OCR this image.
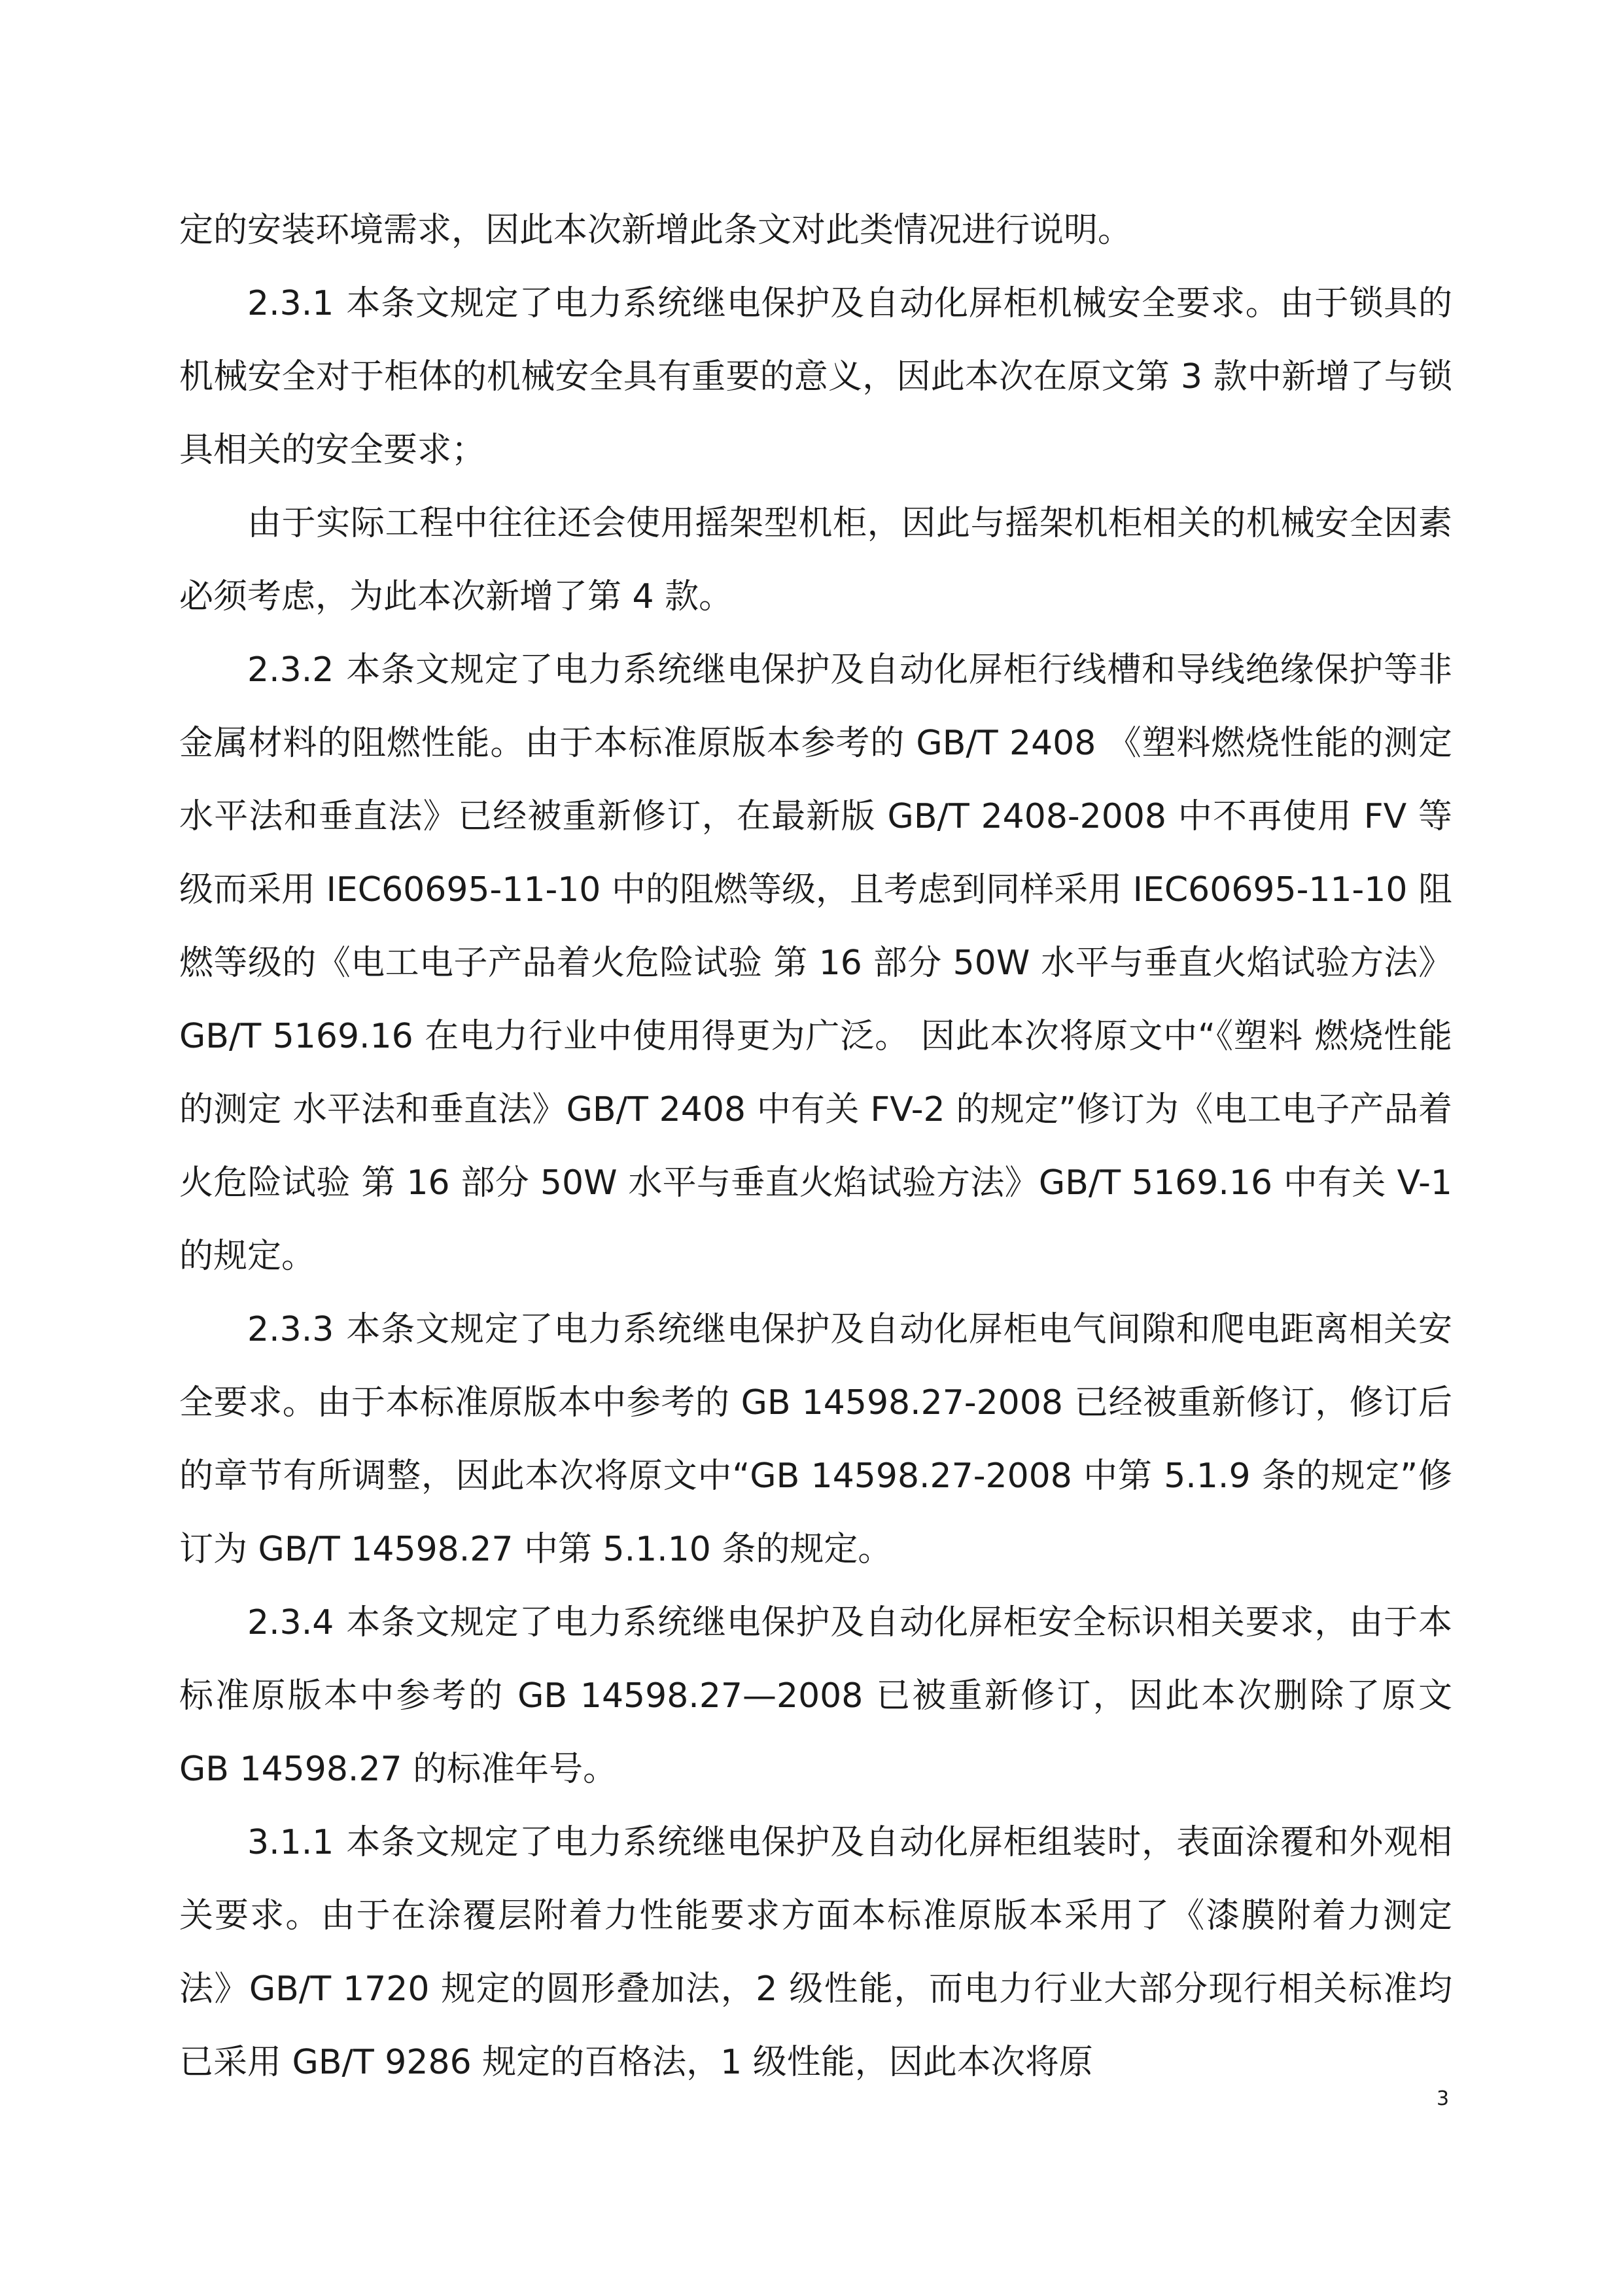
定的安装环境需求，因此本次新增此条文对此类情况进行说明。

2.3.1 本条文规定了电力系统继电保护及自动化屏柜机械安全要求。由于锁具的机械安全对于柜体的机械安全具有重要的意义，因此本次在原文第 3 款中新增了与锁具相关的安全要求；

由于实际工程中往往还会使用摇架型机柜，因此与摇架机柜相关的机械安全因素必须考虑，为此本次新增了第 4 款。

2.3.2 本条文规定了电力系统继电保护及自动化屏柜行线槽和导线绝缘保护等非金属材料的阻燃性能。由于本标准原版本参考的 GB/T 2408 《塑料燃烧性能的测定 水平法和垂直法》已经被重新修订，在最新版 GB/T 2408-2008 中不再使用 FV 等级而采用 IEC60695-11-10 中的阻燃等级，且考虑到同样采用 IEC60695-11-10 阻燃等级的《电工电子产品着火危险试验 第 16 部分 50W 水平与垂直火焰试验方法》GB/T 5169.16 在电力行业中使用得更为广泛。 因此本次将原文中“《塑料 燃烧性能的测定 水平法和垂直法》GB/T 2408 中有关 FV-2 的规定”修订为《电工电子产品着火危险试验 第 16 部分 50W 水平与垂直火焰试验方法》GB/T 5169.16 中有关 V-1 的规定。

2.3.3 本条文规定了电力系统继电保护及自动化屏柜电气间隙和爬电距离相关安全要求。由于本标准原版本中参考的 GB 14598.27-2008 已经被重新修订，修订后的章节有所调整，因此本次将原文中“GB 14598.27-2008 中第 5.1.9 条的规定”修订为 GB/T 14598.27 中第 5.1.10 条的规定。

2.3.4 本条文规定了电力系统继电保护及自动化屏柜安全标识相关要求，由于本标准原版本中参考的 GB 14598.27—2008 已被重新修订，因此本次删除了原文 GB 14598.27 的标准年号。

3.1.1 本条文规定了电力系统继电保护及自动化屏柜组装时，表面涂覆和外观相关要求。由于在涂覆层附着力性能要求方面本标准原版本采用了《漆膜附着力测定法》GB/T 1720 规定的圆形叠加法，2 级性能，而电力行业大部分现行相关标准均已采用 GB/T 9286 规定的百格法，1 级性能，因此本次将原

3
